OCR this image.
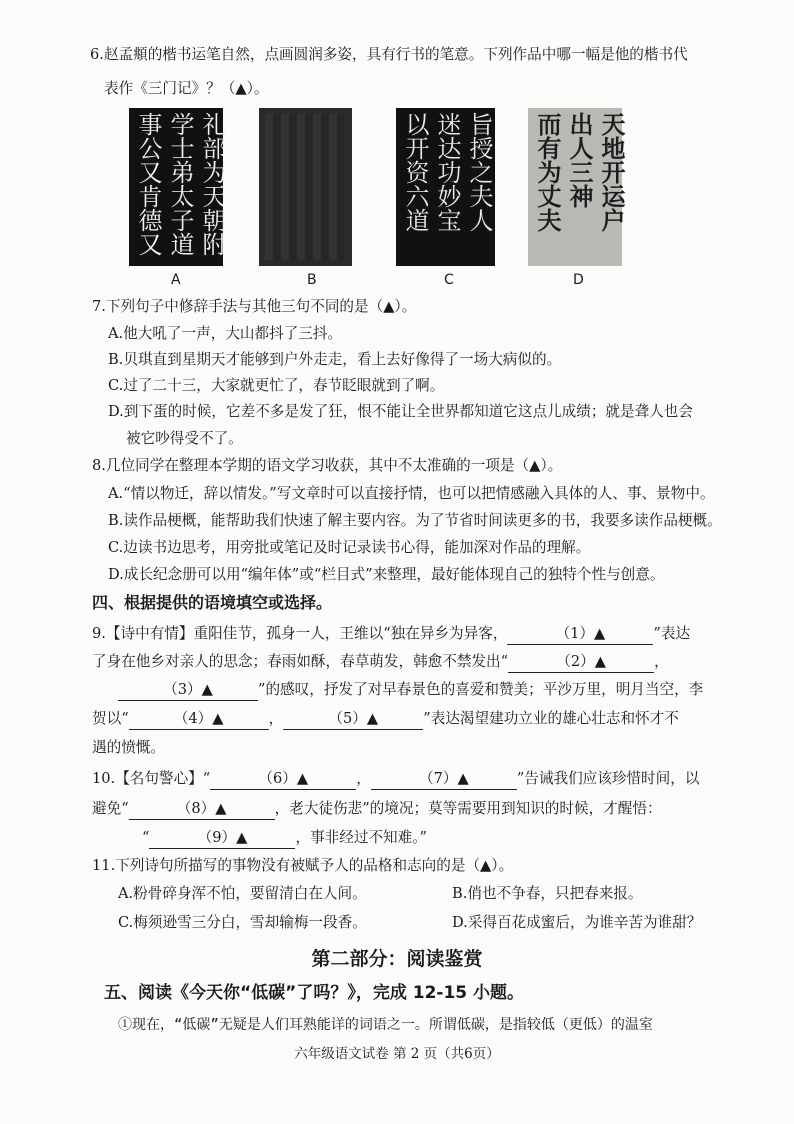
6.赵孟頫的楷书运笔自然，点画圆润多姿，具有行书的笔意。下列作品中哪一幅是他的楷书代
表作《三门记》？（▲）。
礼部为天朝附
学士弟太子道
事公又肯德又
A	B
旨授之夫人
迷达功妙宝
以开资六道
C
天地开运户
出人三神
而有为丈夫
D
7.下列句子中修辞手法与其他三句不同的是（▲）。
A.他大吼了一声，大山都抖了三抖。
B.贝琪直到星期天才能够到户外走走，看上去好像得了一场大病似的。
C.过了二十三，大家就更忙了，春节眨眼就到了啊。
D.到下蛋的时候，它差不多是发了狂，恨不能让全世界都知道它这点儿成绩；就是聋人也会
被它吵得受不了。
8.几位同学在整理本学期的语文学习收获，其中不太准确的一项是（▲）。
A.“情以物迁，辞以情发。”写文章时可以直接抒情，也可以把情感融入具体的人、事、景物中。
B.读作品梗概，能帮助我们快速了解主要内容。为了节省时间读更多的书，我要多读作品梗概。
C.边读书边思考，用旁批或笔记及时记录读书心得，能加深对作品的理解。
D.成长纪念册可以用“编年体”或“栏目式”来整理，最好能体现自己的独特个性与创意。
四、根据提供的语境填空或选择。
9.【诗中有情】重阳佳节，孤身一人，王维以“独在异乡为异客，	（1）▲	”表达
了身在他乡对亲人的思念；春雨如酥，春草萌发，韩愈不禁发出“	（2）▲	，
（3）▲	”的感叹，抒发了对早春景色的喜爱和赞美；平沙万里，明月当空，李
贺以“	（4）▲	，	（5）▲	”表达渴望建功立业的雄心壮志和怀才不
遇的愤慨。
10.【名句警心】“	（6）▲	，	（7）▲	”告诫我们应该珍惜时间，以
避免“	（8）▲	，老大徒伤悲”的境况；莫等需要用到知识的时候，才醒悟：
“	（9）▲	，事非经过不知难。”
11.下列诗句所描写的事物没有被赋予人的品格和志向的是（▲）。
A.粉骨碎身浑不怕，要留清白在人间。	B.俏也不争春，只把春来报。
C.梅须逊雪三分白，雪却输梅一段香。	D.采得百花成蜜后，为谁辛苦为谁甜？
第二部分：阅读鉴赏
五、阅读《今天你“低碳”了吗？》，完成 12-15 小题。
①现在，“低碳”无疑是人们耳熟能详的词语之一。所谓低碳，是指较低（更低）的温室
六年级语文试卷 第 2 页（共6页）
